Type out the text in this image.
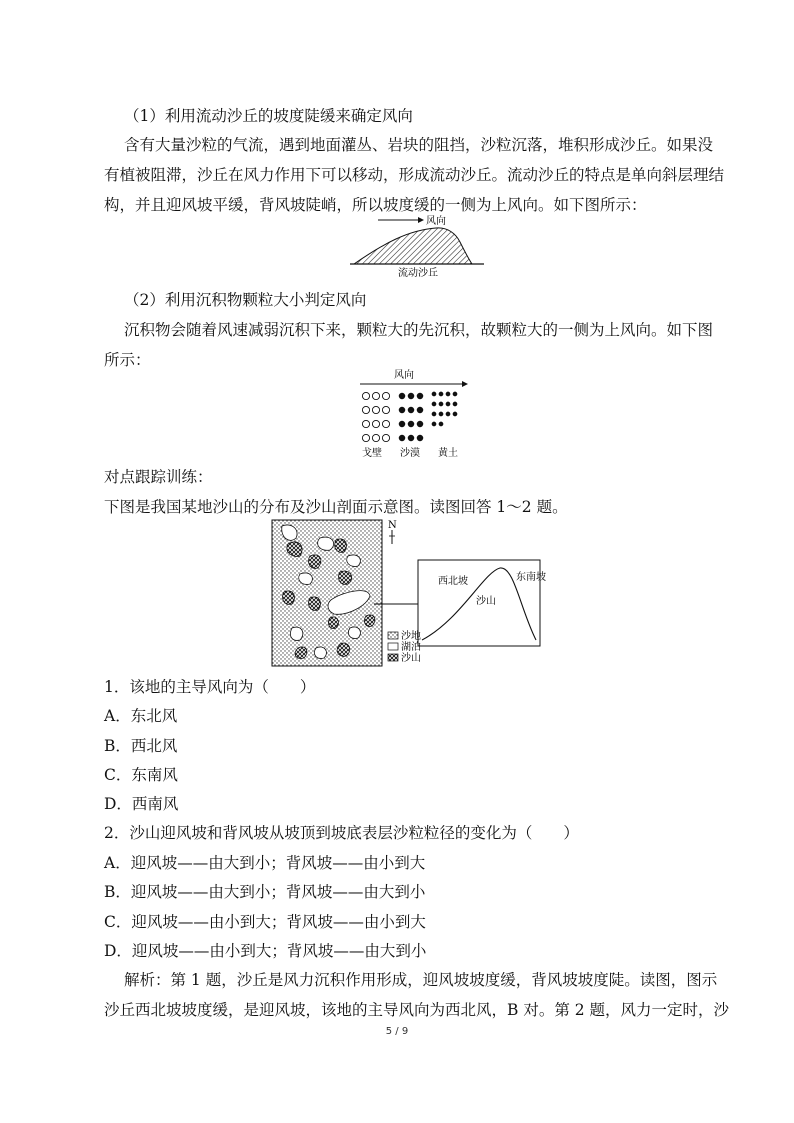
（1）利用流动沙丘的坡度陡缓来确定风向
含有大量沙粒的气流，遇到地面灌丛、岩块的阻挡，沙粒沉落，堆积形成沙丘。如果没
有植被阻滞，沙丘在风力作用下可以移动，形成流动沙丘。流动沙丘的特点是单向斜层理结
构，并且迎风坡平缓，背风坡陡峭，所以坡度缓的一侧为上风向。如下图所示：
风向
流动沙丘
（2）利用沉积物颗粒大小判定风向
沉积物会随着风速减弱沉积下来，颗粒大的先沉积，故颗粒大的一侧为上风向。如下图
所示：
风向
戈壁 沙漠 黄土
对点跟踪训练：
下图是我国某地沙山的分布及沙山剖面示意图。读图回答 1～2 题。
N
西北坡	东南坡
沙山
沙地
湖泊
沙山
1．该地的主导风向为（　　）
A．东北风
B．西北风
C．东南风
D．西南风
2．沙山迎风坡和背风坡从坡顶到坡底表层沙粒粒径的变化为（　　）
A．迎风坡——由大到小；背风坡——由小到大
B．迎风坡——由大到小；背风坡——由大到小
C．迎风坡——由小到大；背风坡——由小到大
D．迎风坡——由小到大；背风坡——由大到小
解析：第 1 题，沙丘是风力沉积作用形成，迎风坡坡度缓，背风坡坡度陡。读图，图示
沙丘西北坡坡度缓，是迎风坡，该地的主导风向为西北风，B 对。第 2 题，风力一定时，沙
5 / 9
